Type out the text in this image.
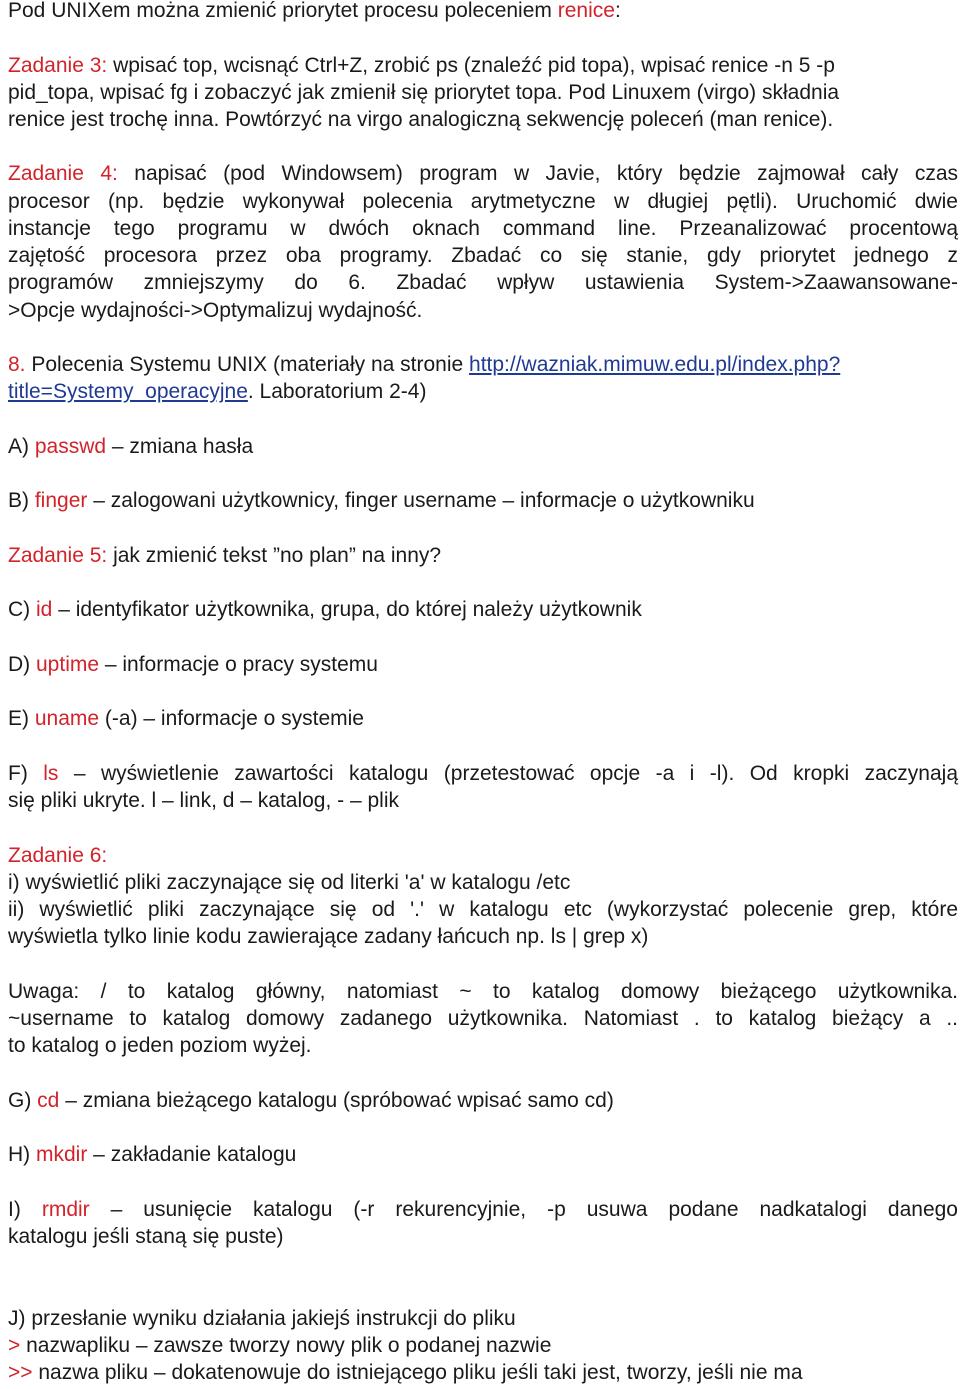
Pod UNIXem można zmienić priorytet procesu poleceniem renice:
Zadanie 3: wpisać top, wcisnąć Ctrl+Z, zrobić ps (znaleźć pid topa), wpisać renice -n 5 -p
pid_topa, wpisać fg i zobaczyć jak zmienił się priorytet topa. Pod Linuxem (virgo) składnia
renice jest trochę inna. Powtórzyć na virgo analogiczną sekwencję poleceń (man renice).
Zadanie 4: napisać (pod Windowsem) program w Javie, który będzie zajmował cały czas
procesor (np. będzie wykonywał polecenia arytmetyczne w długiej pętli). Uruchomić dwie
instancje tego programu w dwóch oknach command line. Przeanalizować procentową
zajętość procesora przez oba programy. Zbadać co się stanie, gdy priorytet jednego z
programów zmniejszymy do 6. Zbadać wpływ ustawienia System->Zaawansowane-
>Opcje wydajności->Optymalizuj wydajność.
8. Polecenia Systemu UNIX (materiały na stronie http://wazniak.mimuw.edu.pl/index.php?
title=Systemy_operacyjne. Laboratorium 2-4)
A) passwd – zmiana hasła
B) finger – zalogowani użytkownicy, finger username – informacje o użytkowniku
Zadanie 5: jak zmienić tekst ”no plan” na inny?
C) id – identyfikator użytkownika, grupa, do której należy użytkownik
D) uptime – informacje o pracy systemu
E) uname (-a) – informacje o systemie
F) ls – wyświetlenie zawartości katalogu (przetestować opcje -a i -l). Od kropki zaczynają
się pliki ukryte. l – link, d – katalog, - – plik
Zadanie 6:
i) wyświetlić pliki zaczynające się od literki 'a' w katalogu /etc
ii) wyświetlić pliki zaczynające się od '.' w katalogu etc (wykorzystać polecenie grep, które
wyświetla tylko linie kodu zawierające zadany łańcuch np. ls | grep x)
Uwaga: / to katalog główny, natomiast ~ to katalog domowy bieżącego użytkownika.
~username to katalog domowy zadanego użytkownika. Natomiast . to katalog bieżący a ..
to katalog o jeden poziom wyżej.
G) cd – zmiana bieżącego katalogu (spróbować wpisać samo cd)
H) mkdir – zakładanie katalogu
I) rmdir – usunięcie katalogu (-r rekurencyjnie, -p usuwa podane nadkatalogi danego
katalogu jeśli staną się puste)
J) przesłanie wyniku działania jakiejś instrukcji do pliku
> nazwapliku – zawsze tworzy nowy plik o podanej nazwie
>> nazwa pliku – dokatenowuje do istniejącego pliku jeśli taki jest, tworzy, jeśli nie ma
